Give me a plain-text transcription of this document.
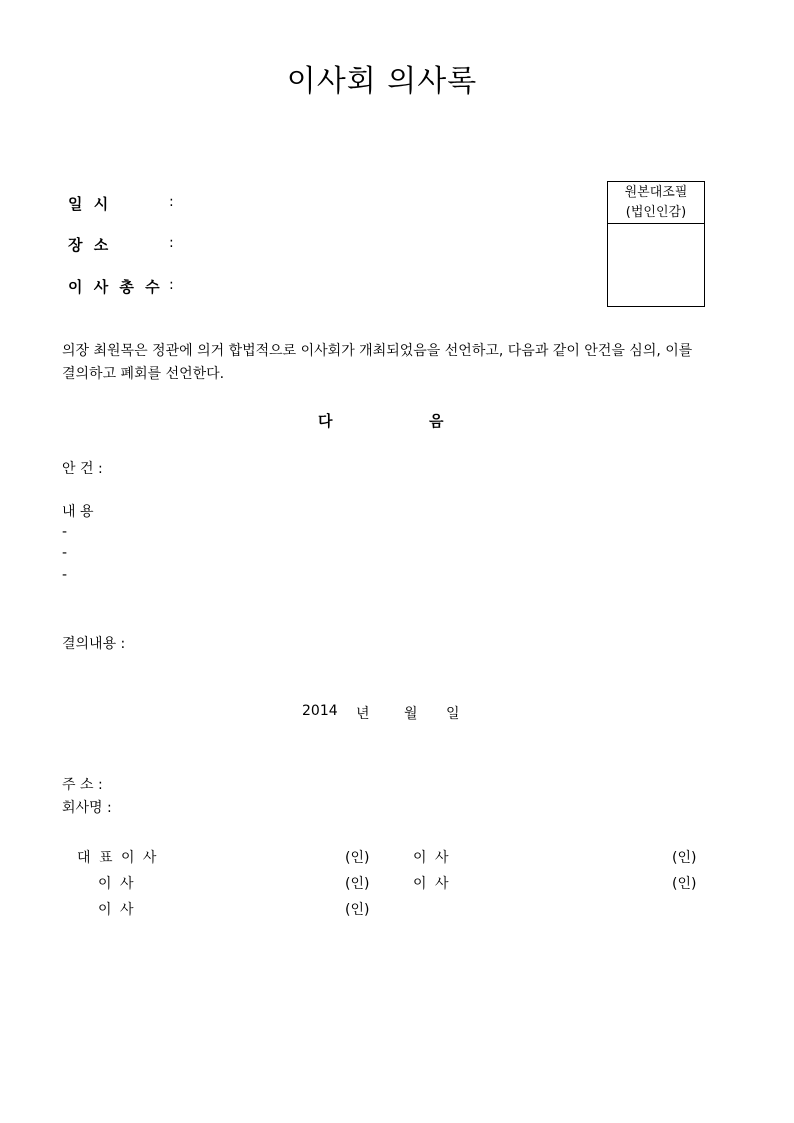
이사회 의사록
일 시	:
장 소	:
이 사 총 수 :
원본대조필
(법인인감)
의장 최원목은 정관에 의거 합법적으로 이사회가 개최되었음을 선언하고, 다음과 같이 안건을 심의, 이를 결의하고 폐회를 선언한다.
다	음
안 건 :
내 용
-
-
-
결의내용 :
2014 년 월 일
주 소 :
회사명 :
대 표 이 사	(인)	이 사	(인)
이 사	(인)	이 사	(인)
이 사	(인)
